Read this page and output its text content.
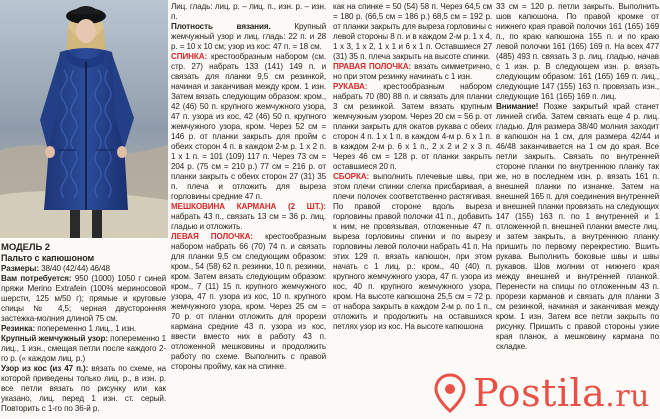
МОДЕЛЬ 2

Пальто с капюшоном

Размеры: 38/40 (42/44) 46/48

Вам потребуется: 950 (1000) 1050 г синей пряжи Merino Extrafein (100% мериносовой шерсти, 125 м/50 г); прямые и круговые спицы № 4,5; черная двусторонняя застежка-молния длиной 75 см.

Резинка: попеременно 1 лиц., 1 изн.

Крупный жемчужный узор: попеременно 1 лиц., 1 изн., смещая петли после каждого 2-го р. (« каждом лиц. р.)

Узор из кос (из 47 п.): вязать по схеме, на которой приведены только лиц. р., в изн. р. все петли вязать по рисунку или как указано, лиц. перед 1 изн. ст. серый. Повторить с 1-го по 36-й р.

Лиц. гладь: лиц. р. – лиц. п., изн. р. – изн. п.

Плотность вязания. Крупный жемчужный узор и лиц. гладь: 22 п. и 28 р. = 10 х 10 см; узор из кос: 47 п. = 18 см.

СПИНКА: крестообразным набором (см. стр. 27) набрать 133 (141) 149 п. и связать для планки 9,5 см резинкой, начиная и заканчивая между кром. 1 изн. Затем вязать следующим образом: кром., 42 (46) 50 п. крупного жемчужного узора, 47 п. узора из кос, 42 (46) 50 п. крупного жемчужного узора, кром. Через 52 см = 146 р. от планки закрыть для пройм с обеих сторон 4 п. в каждом 2-м р. 1 х 2 п. 1 х 1 п. = 101 (109) 117 п. Через 73 см = 204 р. (75 см = 210 р.) 77 см = 216 р. от планки закрыть с обеих сторон 27 (31) 35 п. плеча и отложить для выреза горловины средние 47 п.

МЕШКОВИНА КАРМАНА (2 ШТ.): набрать 43 п., связать 13 см = 36 р. лиц. гладью и отложить.

ЛЕВАЯ ПОЛОЧКА: крестообразным набором набрать 66 (70) 74 п. и связать для планки 9,5 см следующим образом: кром., 54 (58) 62 п. резинки, 10 п. резинки, кром. Затем вязать следующим образом: кром., 7 (11) 15 п. крупного жемчужного узора, 47 п. узора из кос, 10 п. крупного жемчужного узора, кром. Через 25 см = 70 р. от планки отложить для прорези кармана средние 43 п. узора из кос, ввести вместо них в работу 43 п. отложенной мешковины и продолжить работу по схеме. Выполнить с правой стороны пройму, как на спинке.

как на спинке = 50 (54) 58 п. Через 64,5 см = 180 р. (66,5 см = 186 р.) 68,5 см = 192 р. от планки закрыть для выреза горловины с левой стороны 8 п. и в каждом 2-м р. 1 х 4, 1 х 3, 1 х 2, 1 х 1 и 6 х 1 п. Оставшиеся 27 (31) 35 п. плеча закрыть на высоте спинки.

ПРАВАЯ ПОЛОЧКА: вязать симметрично, но при этом резинку начинать с 1 изн.

РУКАВА: крестообразным набором набрать 70 (80) 88 п. и связать для планки 3 см резинкой. Затем вязать крупным жемчужным узором. Через 20 см = 56 р. от планки закрыть для окатов рукава с обеих сторон 4 п. 1 х 1 п. в каждом 4-м р. 6 х 1 п. в каждом 2-м р. 6 х 1 п., 2 х 2 и 2 х 3 п. Через 46 см = 128 р. от планки закрыть оставшиеся 20 п.

СБОРКА: выполнить плечевые швы, при этом плечи спинки слегка присбаривая, а плечи полочек соответственно растягивая. По правой стороне вдоль выреза горловины правой полочки 41 п., добавить к ним, не провязывая, отложенные 47 п. выреза горловины спинки и по вырезу горловины левой полочки набрать 41 п. На этих 129 п. вязать капюшон, при этом начать с 1 лиц. р.: кром., 40 (40) п. крупного жемчужного узора, 47 п. узора из кос, 40 п. крупного жемчужного узора, кром. На высоте капюшона 25,5 см = 72 р. от набора закрыть в каждом 2-м р. по 1 п., отложить и продолжить на оставшихся петлях узор из кос. На высоте капюшона

33 см = 120 р. петли закрыть. Выполнить шов капюшона. По правой кромке от нижнего края правой полочки 161 (165) 169 п., по краю капюшона 155 п. и по краю левой полочки 161 (165) 169 п. На всех 477 (485) 493 п. связать 3 р. лиц. гладью, начав с 1 изн. р. В следующем изн. р. вязать следующим образом: 161 (165) 169 п. лиц., следующие 147 (155) 163 п. провязать изн., следующие 161 (165) 169 п. лиц.

Внимание! Позже закрытый край станет линией сгиба. Затем связать еще 4 р. лиц. гладью. Для размера 38/40 молния заходит в капюшон на 1 см, для размера 42/44 и 46/48 заканчивается на 1 см до края. Все петли закрыть. Связать по внутренней стороне планки по внутреннюю планку так же, но в последнем изн. р. вязать 161 п. внешней планки по изнанке. Затем на внешней 165 п. для соединения внутренней и внешней планки провязать на следующих 147 (155) 163 п. по 1 внутренней и 1 отложенной п. внешней планки вместе лиц. и затем закрыть, а внутреннюю планку пришить по первому перекрестию. Вшить рукава. Выполнить боковые швы и швы рукавов. Шов молнии от нижнего края между внешней и внутренней планкой. Перенести на спицы по отложенным 43 п. прорези карманов и связать для планки 3 см резинкой, начиная и заканчивая между кром. 1 изн. Затем все петли закрыть по рисунку. Пришить с правой стороны узкие края планок, а мешковину кармана по складке.

Postila.ru
